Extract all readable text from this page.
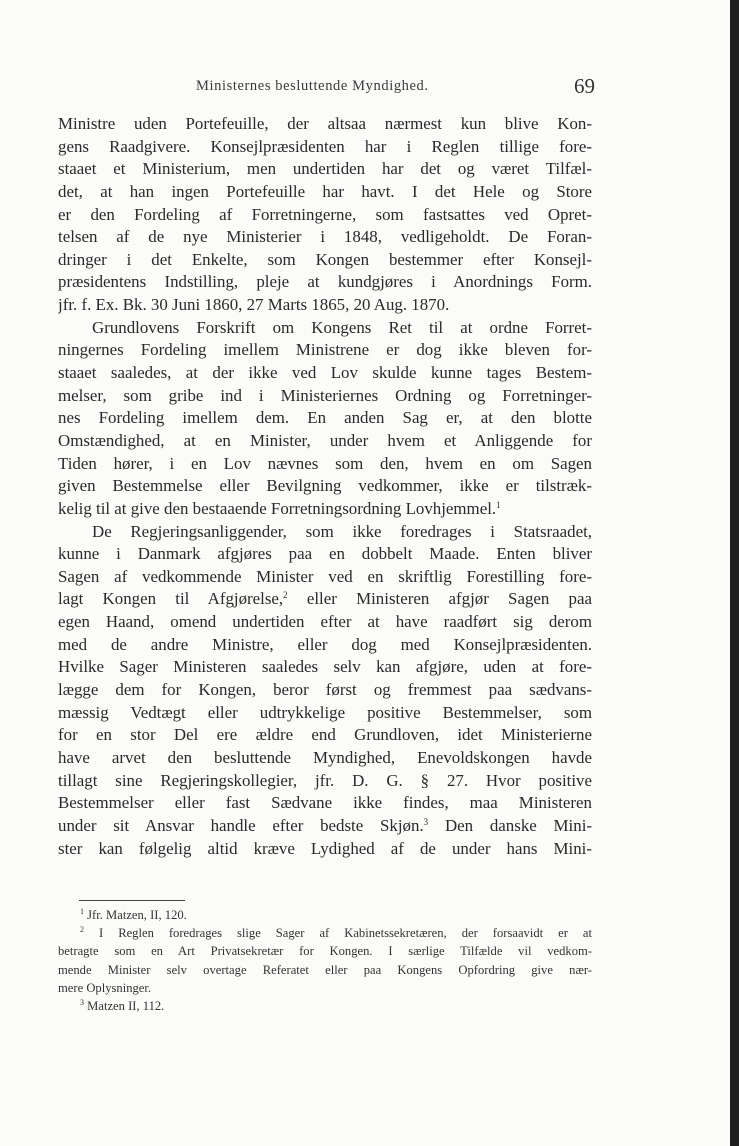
Ministernes besluttende Myndighed.	69
Ministre uden Portefeuille, der altsaa nærmest kun blive Kon-
gens Raadgivere. Konsejlpræsidenten har i Reglen tillige fore-
staaet et Ministerium, men undertiden har det og været Tilfæl-
det, at han ingen Portefeuille har havt. I det Hele og Store
er den Fordeling af Forretningerne, som fastsattes ved Opret-
telsen af de nye Ministerier i 1848, vedligeholdt. De Foran-
dringer i det Enkelte, som Kongen bestemmer efter Konsejl-
præsidentens Indstilling, pleje at kundgjøres i Anordnings Form.
jfr. f. Ex. Bk. 30 Juni 1860, 27 Marts 1865, 20 Aug. 1870.
Grundlovens Forskrift om Kongens Ret til at ordne Forret-
ningernes Fordeling imellem Ministrene er dog ikke bleven for-
staaet saaledes, at der ikke ved Lov skulde kunne tages Bestem-
melser, som gribe ind i Ministeriernes Ordning og Forretninger-
nes Fordeling imellem dem. En anden Sag er, at den blotte
Omstændighed, at en Minister, under hvem et Anliggende for
Tiden hører, i en Lov nævnes som den, hvem en om Sagen
given Bestemmelse eller Bevilgning vedkommer, ikke er tilstræk-
kelig til at give den bestaaende Forretningsordning Lovhjemmel.$^1$
De Regjeringsanliggender, som ikke foredrages i Statsraadet,
kunne i Danmark afgjøres paa en dobbelt Maade. Enten bliver
Sagen af vedkommende Minister ved en skriftlig Forestilling fore-
lagt Kongen til Afgjørelse,$^2$ eller Ministeren afgjør Sagen paa
egen Haand, omend undertiden efter at have raadført sig derom
med de andre Ministre, eller dog med Konsejlpræsidenten.
Hvilke Sager Ministeren saaledes selv kan afgjøre, uden at fore-
lægge dem for Kongen, beror først og fremmest paa sædvans-
mæssig Vedtægt eller udtrykkelige positive Bestemmelser, som
for en stor Del ere ældre end Grundloven, idet Ministerierne
have arvet den besluttende Myndighed, Enevoldskongen havde
tillagt sine Regjeringskollegier, jfr. D. G. § 27. Hvor positive
Bestemmelser eller fast Sædvane ikke findes, maa Ministeren
under sit Ansvar handle efter bedste Skjøn.$^3$ Den danske Mini-
ster kan følgelig altid kræve Lydighed af de under hans Mini-
$^1$ Jfr. Matzen, II, 120.
$^2$ I Reglen foredrages slige Sager af Kabinetssekretæren, der forsaavidt er at
betragte som en Art Privatsekretær for Kongen. I særlige Tilfælde vil vedkom-
mende Minister selv overtage Referatet eller paa Kongens Opfordring give nær-
mere Oplysninger.
$^3$ Matzen II, 112.
